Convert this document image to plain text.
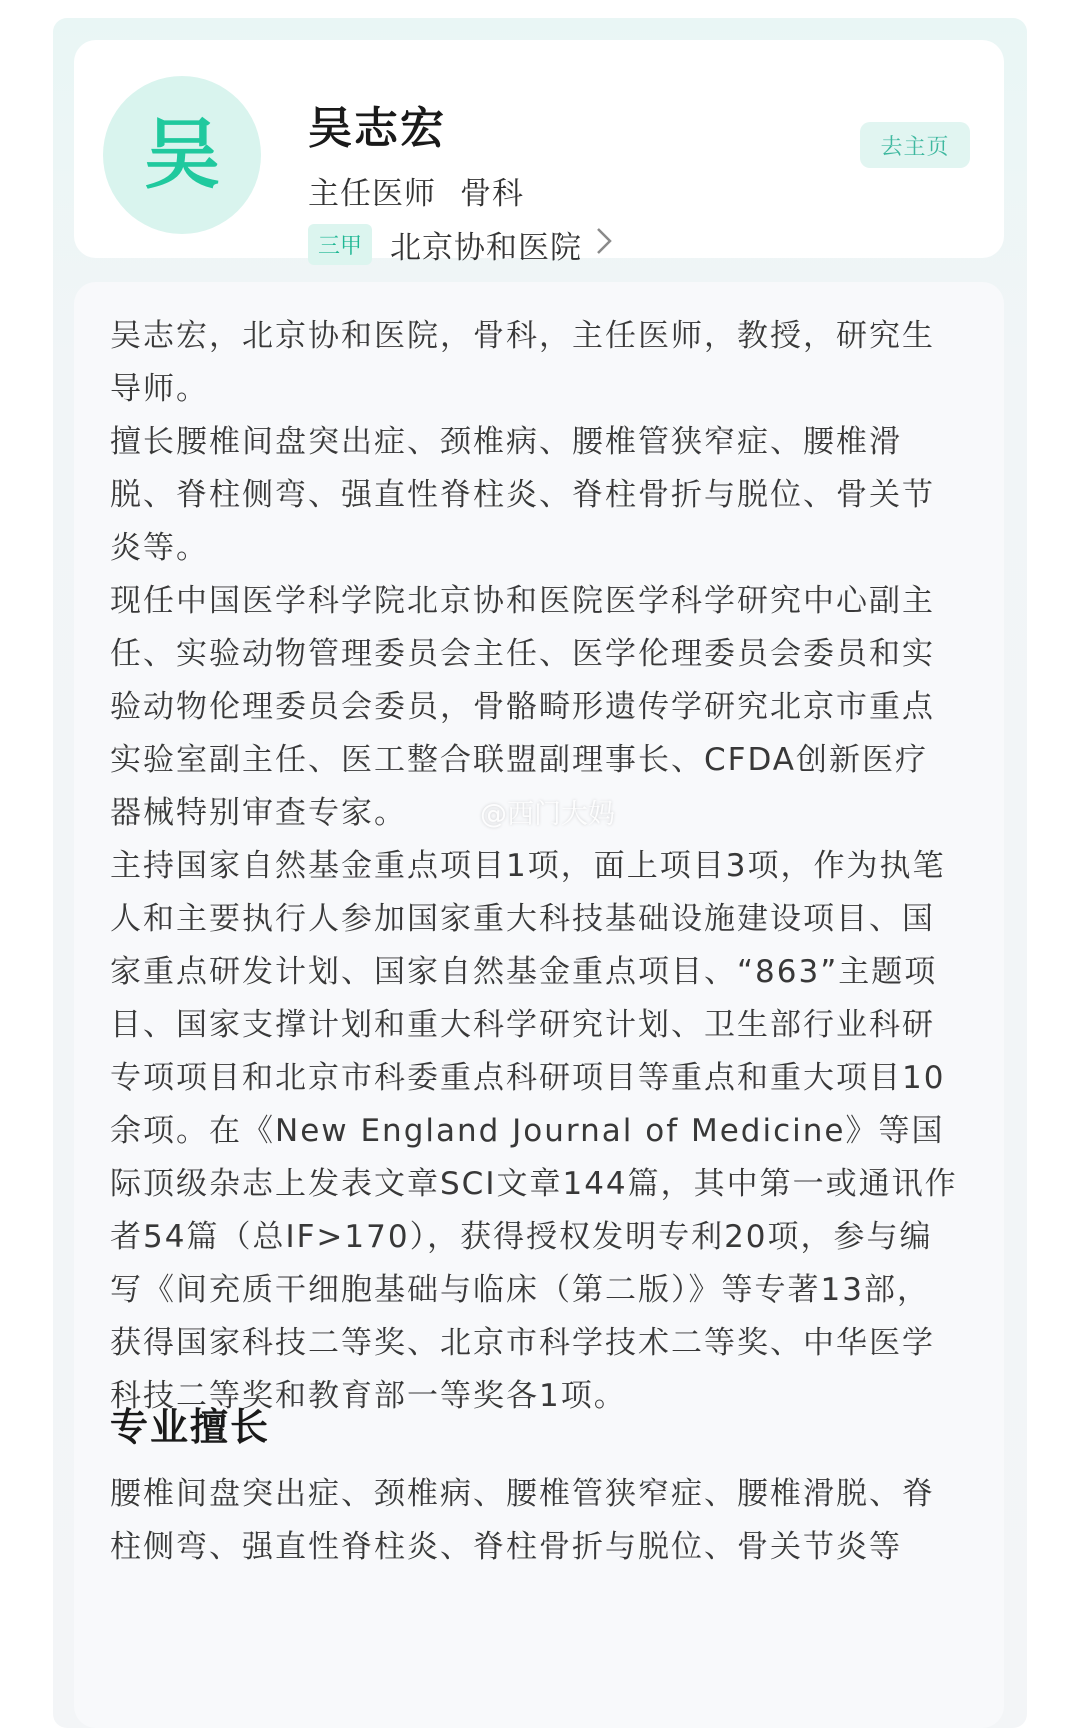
吴 吴志宏
主任医师 骨科
三甲 北京协和医院
去主页

吴志宏，北京协和医院，骨科，主任医师，教授，研究生导师。

擅长腰椎间盘突出症、颈椎病、腰椎管狭窄症、腰椎滑脱、脊柱侧弯、强直性脊柱炎、脊柱骨折与脱位、骨关节炎等。

现任中国医学科学院北京协和医院医学科学研究中心副主任、实验动物管理委员会主任、医学伦理委员会委员和实验动物伦理委员会委员，骨骼畸形遗传学研究北京市重点实验室副主任、医工整合联盟副理事长、CFDA创新医疗器械特别审查专家。

主持国家自然基金重点项目1项，面上项目3项，作为执笔人和主要执行人参加国家重大科技基础设施建设项目、国家重点研发计划、国家自然基金重点项目、“863”主题项目、国家支撑计划和重大科学研究计划、卫生部行业科研专项项目和北京市科委重点科研项目等重点和重大项目10余项。在《New England Journal of Medicine》等国际顶级杂志上发表文章SCI文章144篇，其中第一或通讯作者54篇（总IF>170），获得授权发明专利20项，参与编写《间充质干细胞基础与临床（第二版）》等专著13部，获得国家科技二等奖、北京市科学技术二等奖、中华医学科技二等奖和教育部一等奖各1项。

@西门大妈
专业擅长

腰椎间盘突出症、颈椎病、腰椎管狭窄症、腰椎滑脱、脊柱侧弯、强直性脊柱炎、脊柱骨折与脱位、骨关节炎等
